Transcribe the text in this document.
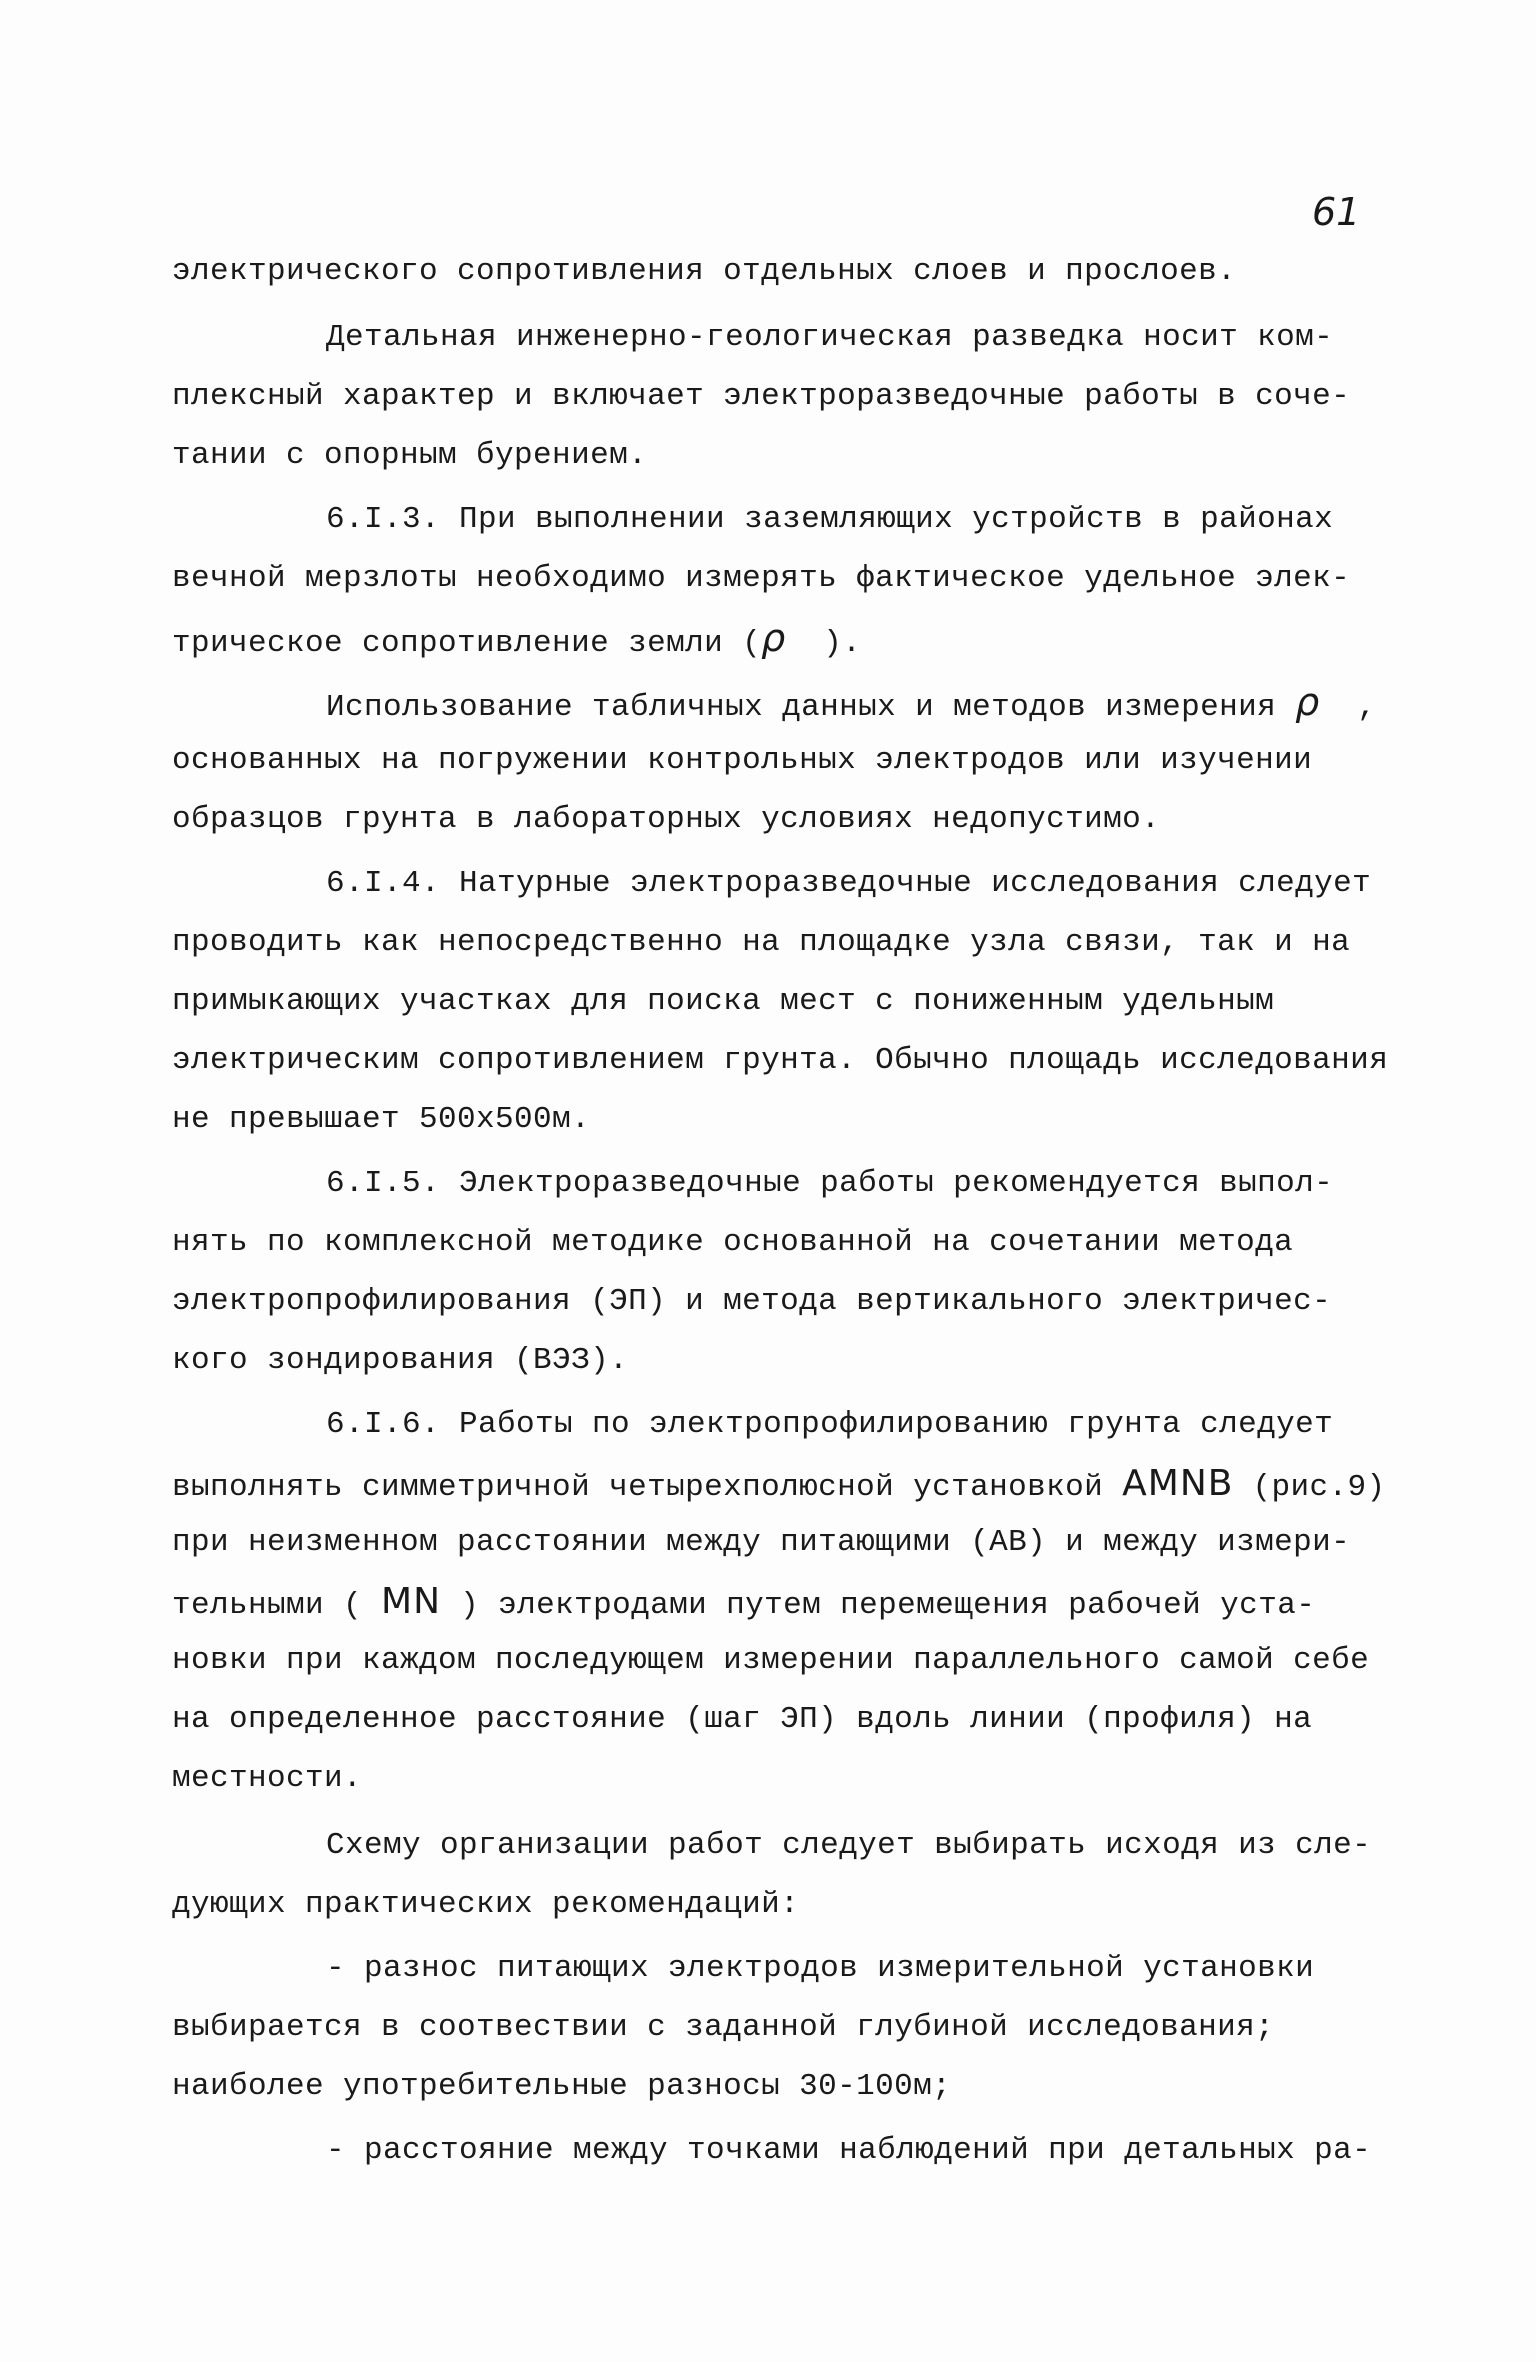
61
электрического сопротивления отдельных слоев и прослоев.
Детальная инженерно-геологическая разведка носит ком-
плексный характер и включает электроразведочные работы в соче-
тании с опорным бурением.
6.I.3. При выполнении заземляющих устройств в районах
вечной мерзлоты необходимо измерять фактическое удельное элек-
трическое сопротивление земли (ρ ).
Использование табличных данных и методов измерения ρ ,
основанных на погружении контрольных электродов или изучении
образцов грунта в лабораторных условиях недопустимо.
6.I.4. Натурные электроразведочные исследования следует
проводить как непосредственно на площадке узла связи, так и на
примыкающих участках для поиска мест с пониженным удельным
электрическим сопротивлением грунта. Обычно площадь исследования
не превышает 500х500м.
6.I.5. Электроразведочные работы рекомендуется выпол-
нять по комплексной методике основанной на сочетании метода
электропрофилирования (ЭП) и метода вертикального электричес-
кого зондирования (ВЭЗ).
6.I.6. Работы по электропрофилированию грунта следует
выполнять симметричной четырехполюсной установкой AMNB (рис.9)
при неизменном расстоянии между питающими (АВ) и между измери-
тельными ( MN ) электродами путем перемещения рабочей уста-
новки при каждом последующем измерении параллельного самой себе
на определенное расстояние (шаг ЭП) вдоль линии (профиля) на
местности.
Схему организации работ следует выбирать исходя из сле-
дующих практических рекомендаций:
- разнос питающих электродов измерительной установки
выбирается в соотвествии с заданной глубиной исследования;
наиболее употребительные разносы 30-100м;
- расстояние между точками наблюдений при детальных ра-
